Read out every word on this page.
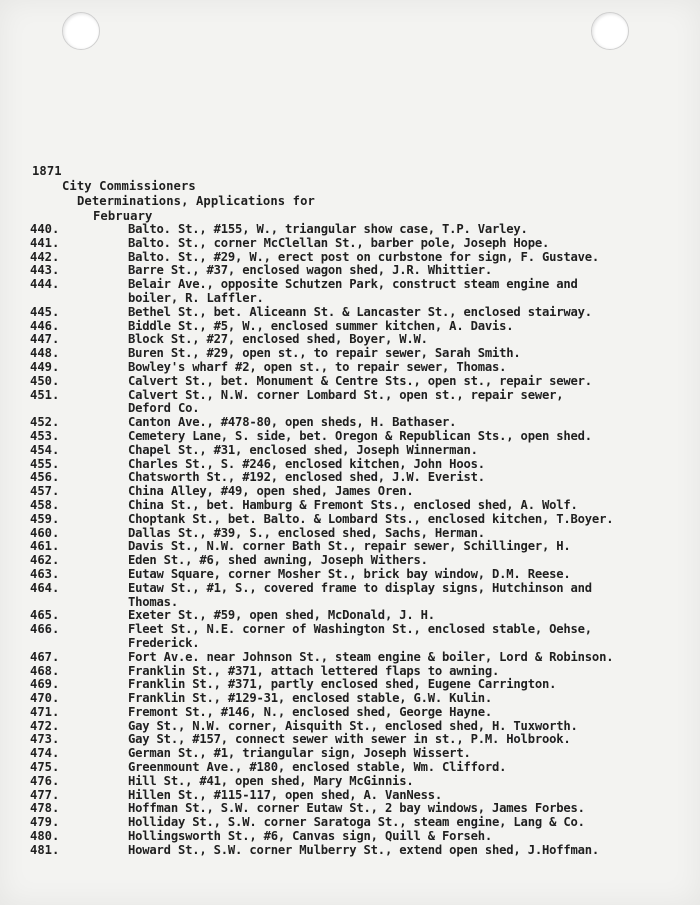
1871
City Commissioners
Determinations, Applications for
February
440.	Balto. St., #155, W., triangular show case, T.P. Varley.
441.	Balto. St., corner McClellan St., barber pole, Joseph Hope.
442.	Balto. St., #29, W., erect post on curbstone for sign, F. Gustave.
443.	Barre St., #37, enclosed wagon shed, J.R. Whittier.
444.	Belair Ave., opposite Schutzen Park, construct steam engine and
boiler, R. Laffler.
445.	Bethel St., bet. Aliceann St. & Lancaster St., enclosed stairway.
446.	Biddle St., #5, W., enclosed summer kitchen, A. Davis.
447.	Block St., #27, enclosed shed, Boyer, W.W.
448.	Buren St., #29, open st., to repair sewer, Sarah Smith.
449.	Bowley's wharf #2, open st., to repair sewer, Thomas.
450.	Calvert St., bet. Monument & Centre Sts., open st., repair sewer.
451.	Calvert St., N.W. corner Lombard St., open st., repair sewer,
Deford Co.
452.	Canton Ave., #478-80, open sheds, H. Bathaser.
453.	Cemetery Lane, S. side, bet. Oregon & Republican Sts., open shed.
454.	Chapel St., #31, enclosed shed, Joseph Winnerman.
455.	Charles St., S. #246, enclosed kitchen, John Hoos.
456.	Chatsworth St., #192, enclosed shed, J.W. Everist.
457.	China Alley, #49, open shed, James Oren.
458.	China St., bet. Hamburg & Fremont Sts., enclosed shed, A. Wolf.
459.	Choptank St., bet. Balto. & Lombard Sts., enclosed kitchen, T.Boyer.
460.	Dallas St., #39, S., enclosed shed, Sachs, Herman.
461.	Davis St., N.W. corner Bath St., repair sewer, Schillinger, H.
462.	Eden St., #6, shed awning, Joseph Withers.
463.	Eutaw Square, corner Mosher St., brick bay window, D.M. Reese.
464.	Eutaw St., #1, S., covered frame to display signs, Hutchinson and
Thomas.
465.	Exeter St., #59, open shed, McDonald, J. H.
466.	Fleet St., N.E. corner of Washington St., enclosed stable, Oehse,
Frederick.
467.	Fort Av.e. near Johnson St., steam engine & boiler, Lord & Robinson.
468.	Franklin St., #371, attach lettered flaps to awning.
469.	Franklin St., #371, partly enclosed shed, Eugene Carrington.
470.	Franklin St., #129-31, enclosed stable, G.W. Kulin.
471.	Fremont St., #146, N., enclosed shed, George Hayne.
472.	Gay St., N.W. corner, Aisquith St., enclosed shed, H. Tuxworth.
473.	Gay St., #157, connect sewer with sewer in st., P.M. Holbrook.
474.	German St., #1, triangular sign, Joseph Wissert.
475.	Greenmount Ave., #180, enclosed stable, Wm. Clifford.
476.	Hill St., #41, open shed, Mary McGinnis.
477.	Hillen St., #115-117, open shed, A. VanNess.
478.	Hoffman St., S.W. corner Eutaw St., 2 bay windows, James Forbes.
479.	Holliday St., S.W. corner Saratoga St., steam engine, Lang & Co.
480.	Hollingsworth St., #6, Canvas sign, Quill & Forseh.
481.	Howard St., S.W. corner Mulberry St., extend open shed, J.Hoffman.
